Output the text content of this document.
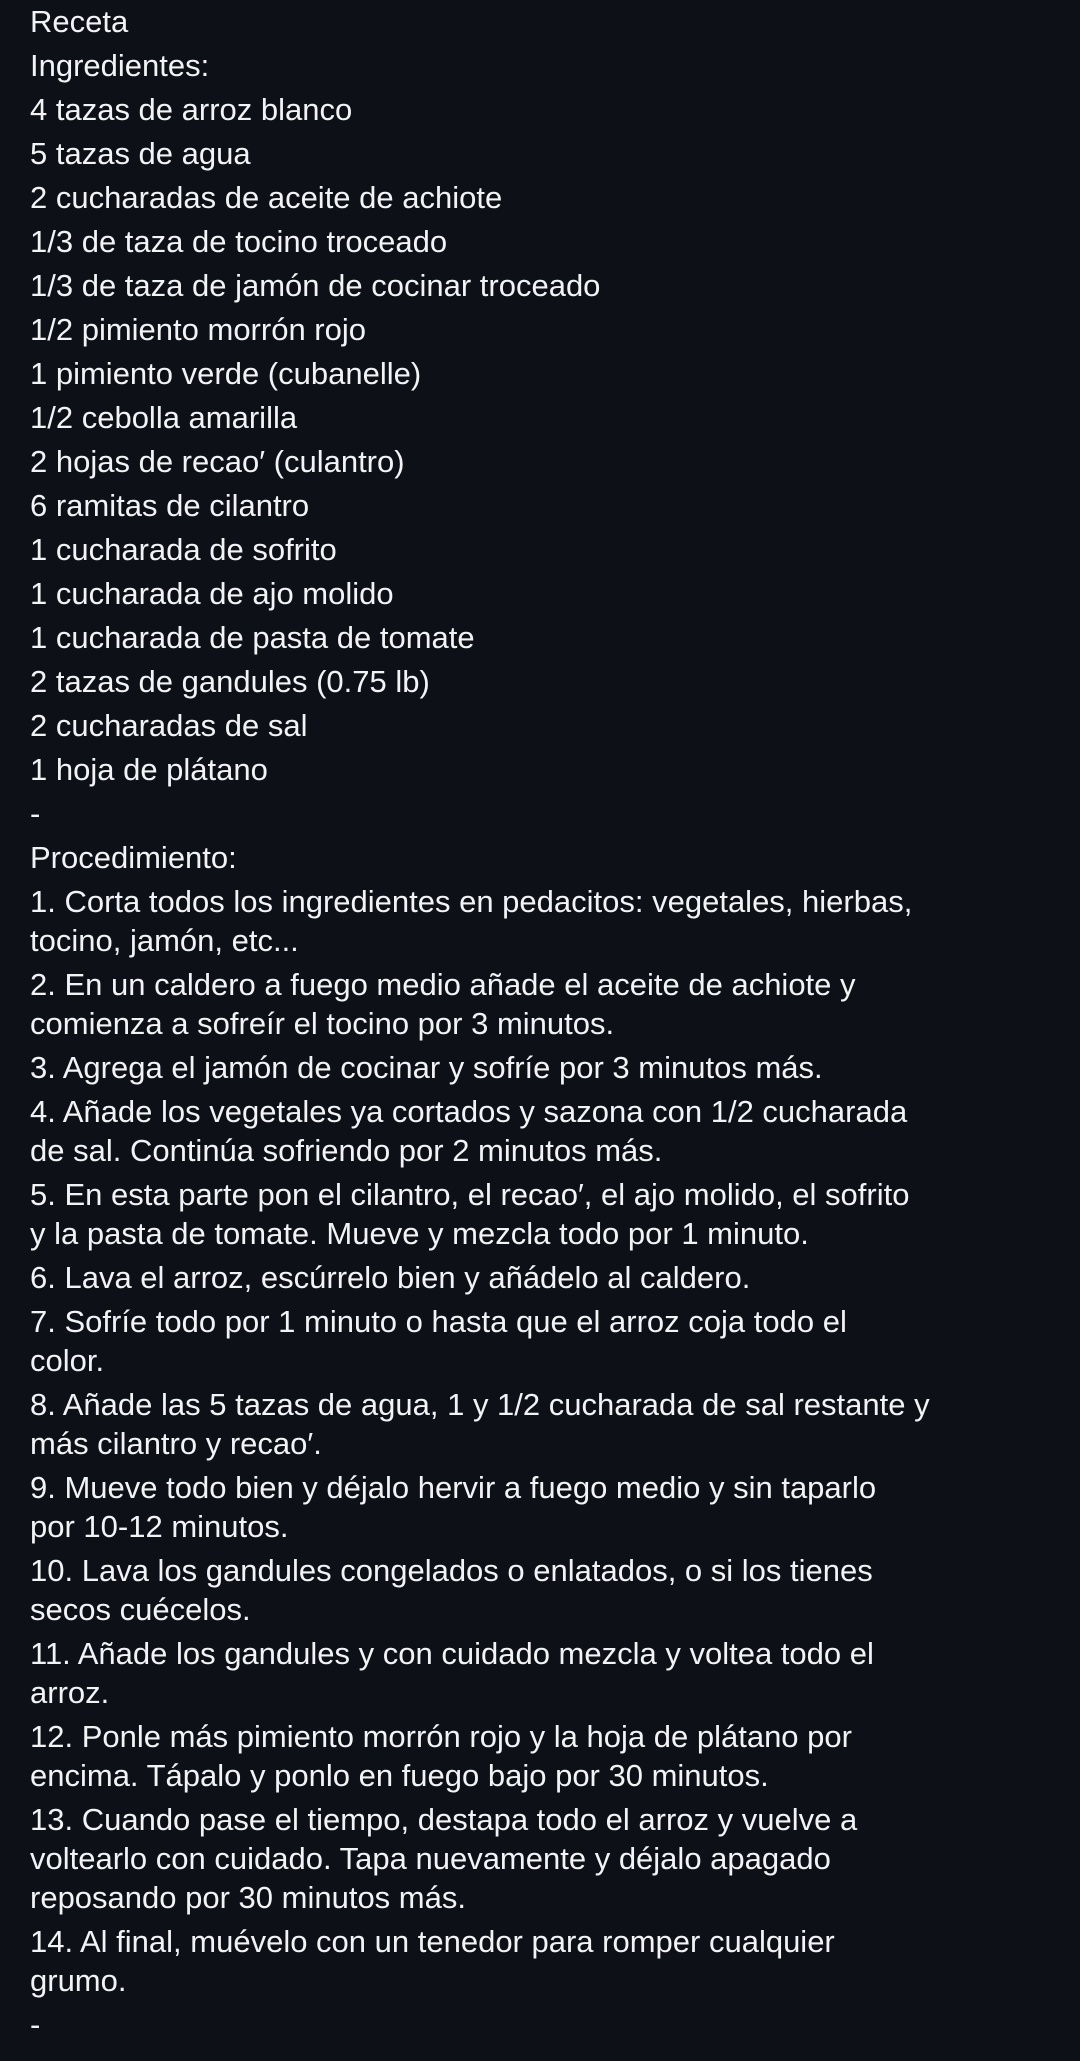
Receta
Ingredientes:
4 tazas de arroz blanco
5 tazas de agua
2 cucharadas de aceite de achiote
1/3 de taza de tocino troceado
1/3 de taza de jamón de cocinar troceado
1/2 pimiento morrón rojo
1 pimiento verde (cubanelle)
1/2 cebolla amarilla
2 hojas de recao′ (culantro)
6 ramitas de cilantro
1 cucharada de sofrito
1 cucharada de ajo molido
1 cucharada de pasta de tomate
2 tazas de gandules (0.75 lb)
2 cucharadas de sal
1 hoja de plátano
-
Procedimiento:
1. Corta todos los ingredientes en pedacitos: vegetales, hierbas,
tocino, jamón, etc...
2. En un caldero a fuego medio añade el aceite de achiote y
comienza a sofreír el tocino por 3 minutos.
3. Agrega el jamón de cocinar y sofríe por 3 minutos más.
4. Añade los vegetales ya cortados y sazona con 1/2 cucharada
de sal. Continúa sofriendo por 2 minutos más.
5. En esta parte pon el cilantro, el recao′, el ajo molido, el sofrito
y la pasta de tomate. Mueve y mezcla todo por 1 minuto.
6. Lava el arroz, escúrrelo bien y añádelo al caldero.
7. Sofríe todo por 1 minuto o hasta que el arroz coja todo el
color.
8. Añade las 5 tazas de agua, 1 y 1/2 cucharada de sal restante y
más cilantro y recao′.
9. Mueve todo bien y déjalo hervir a fuego medio y sin taparlo
por 10-12 minutos.
10. Lava los gandules congelados o enlatados, o si los tienes
secos cuécelos.
11. Añade los gandules y con cuidado mezcla y voltea todo el
arroz.
12. Ponle más pimiento morrón rojo y la hoja de plátano por
encima. Tápalo y ponlo en fuego bajo por 30 minutos.
13. Cuando pase el tiempo, destapa todo el arroz y vuelve a
voltearlo con cuidado. Tapa nuevamente y déjalo apagado
reposando por 30 minutos más.
14. Al final, muévelo con un tenedor para romper cualquier
grumo.
-
